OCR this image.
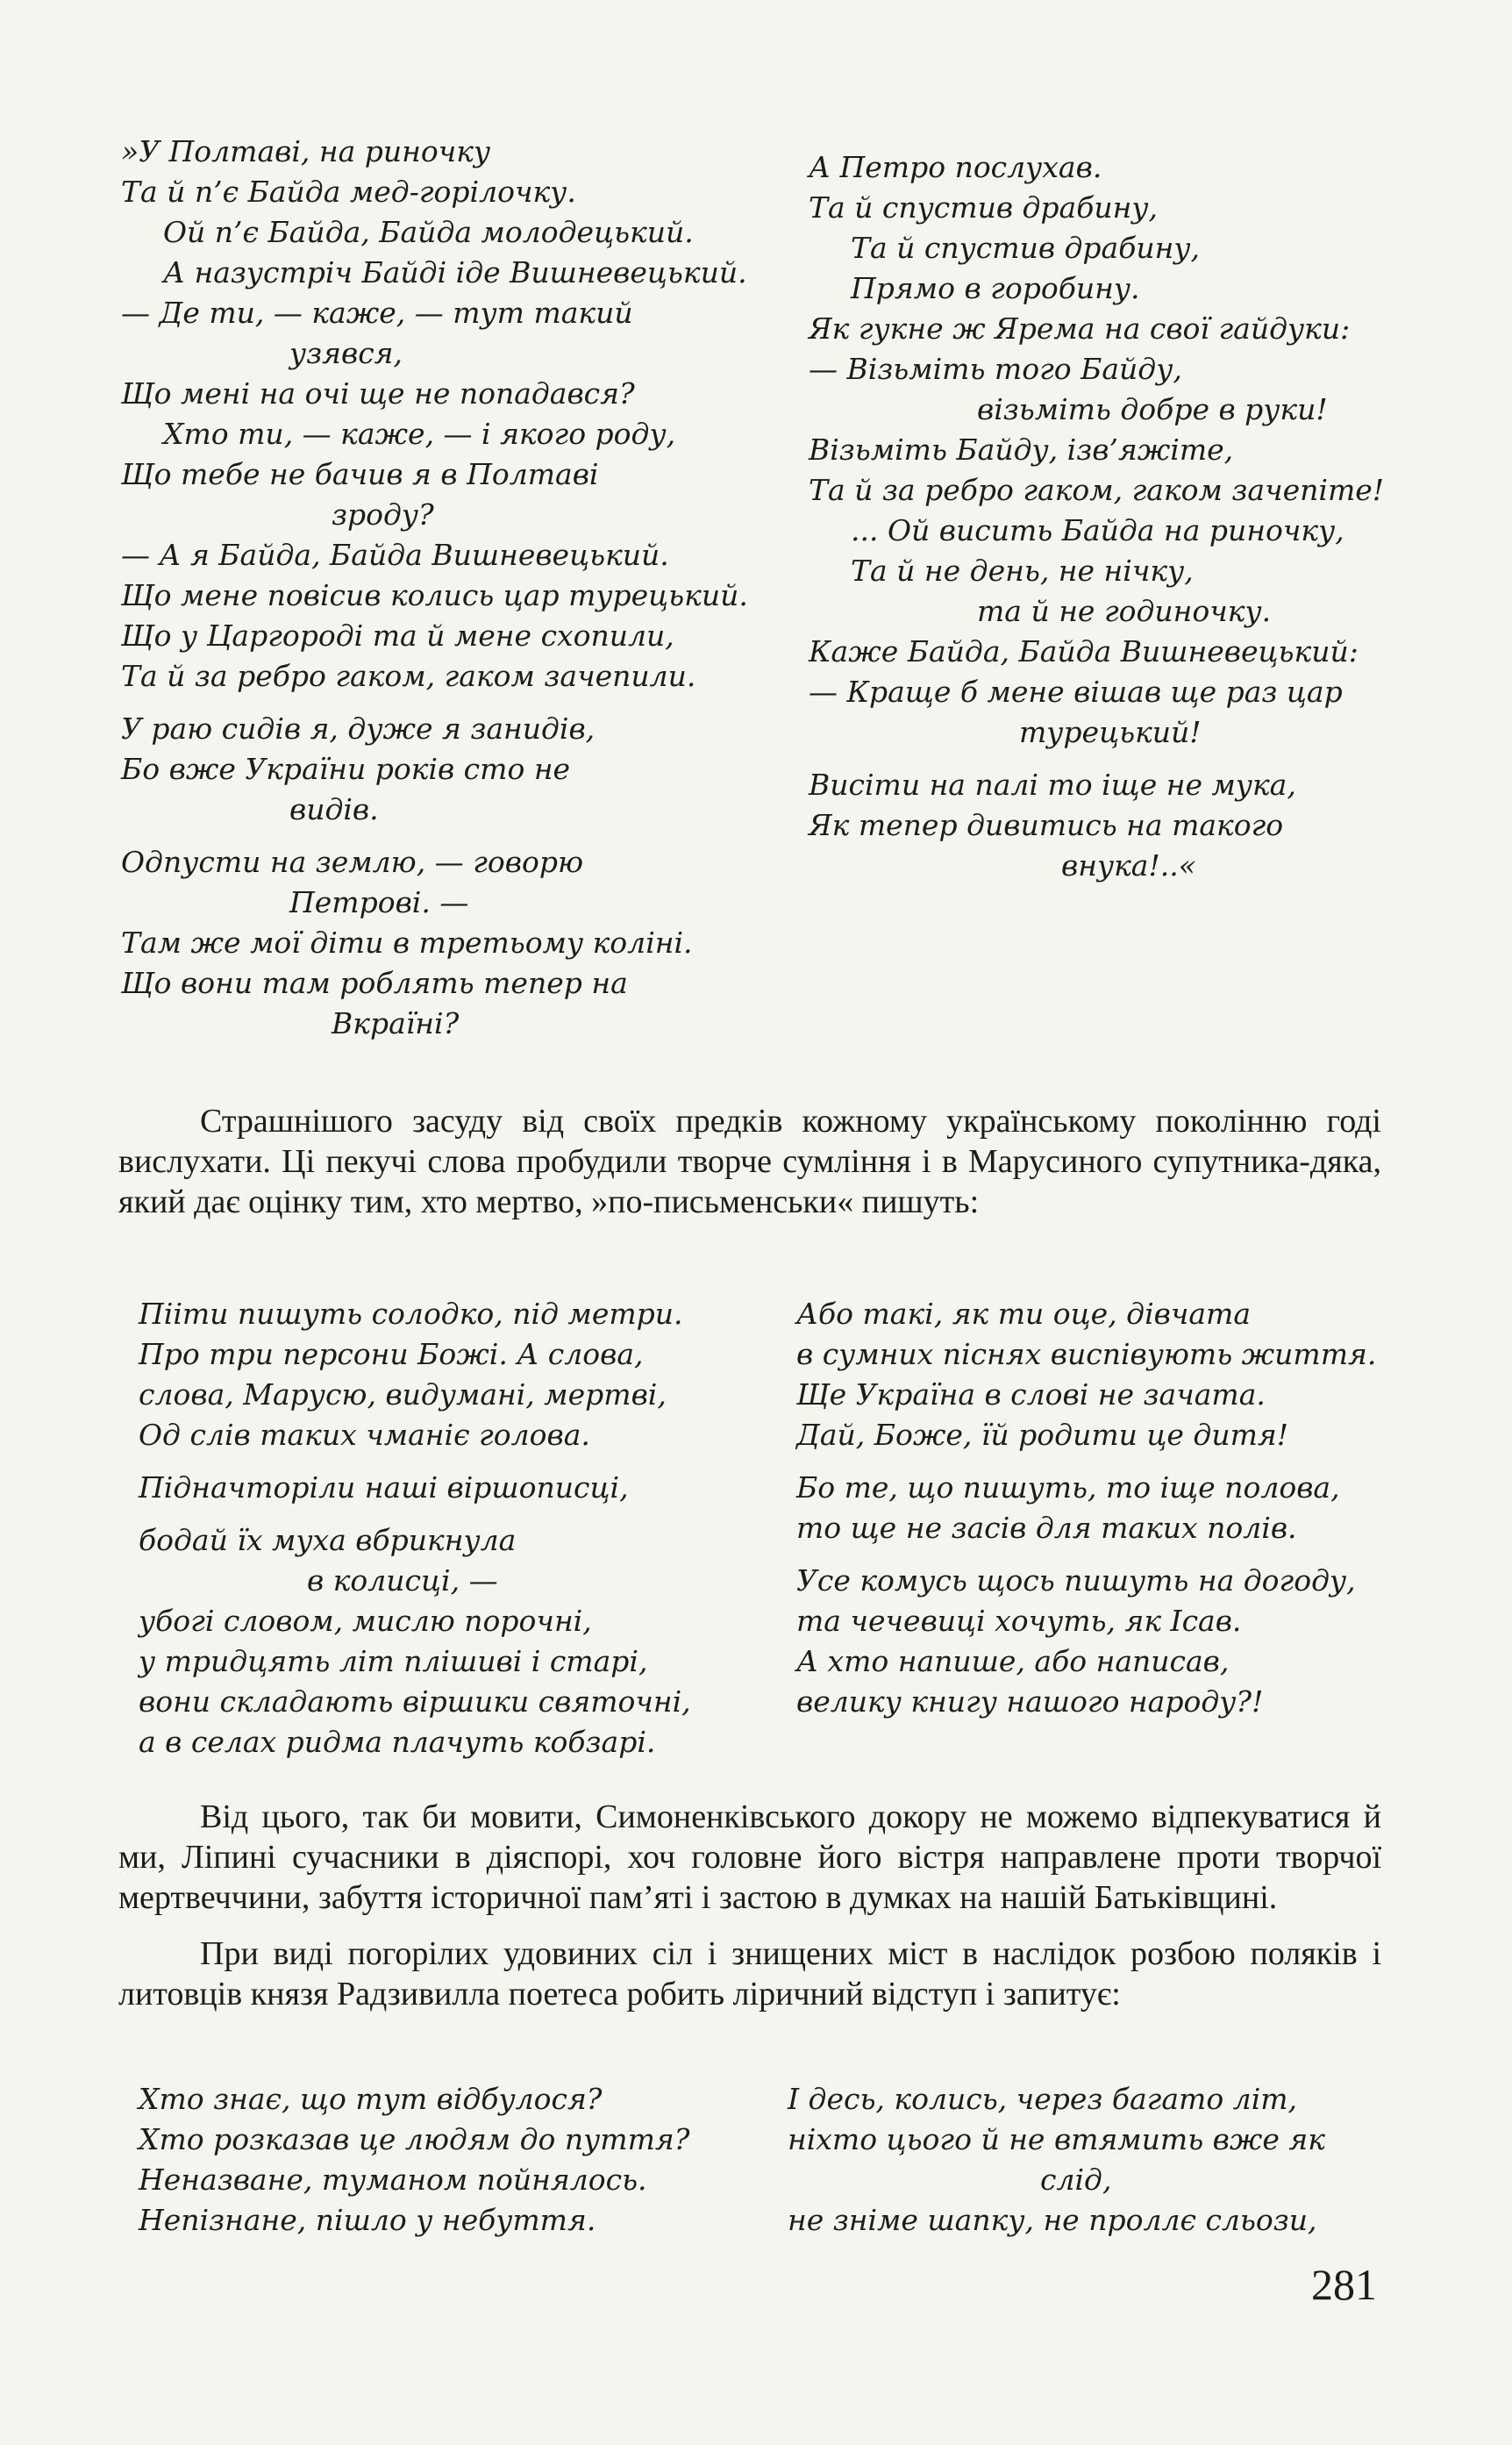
»У Полтаві, на риночку
Та й п’є Байда мед-горілочку.
Ой п’є Байда, Байда молодецький.
А назустріч Байді іде Вишневецький.
— Де ти, — каже, — тут такий
узявся,
Що мені на очі ще не попадався?
Хто ти, — каже, — і якого роду,
Що тебе не бачив я в Полтаві
зроду?
— А я Байда, Байда Вишневецький.
Що мене повісив колись цар турецький.
Що у Царгороді та й мене схопили,
Та й за ребро гаком, гаком зачепили.
У раю сидів я, дуже я занидів,
Бо вже України років сто не
видів.
Одпусти на землю, — говорю
Петрові. —
Там же мої діти в третьому коліні.
Що вони там роблять тепер на
Вкраїні?
А Петро послухав.
Та й спустив драбину,
Та й спустив драбину,
Прямо в горобину.
Як гукне ж Ярема на свої гайдуки:
— Візьміть того Байду,
візьміть добре в руки!
Візьміть Байду, ізв’яжіте,
Та й за ребро гаком, гаком зачепіте!
... Ой висить Байда на риночку,
Та й не день, не нічку,
та й не годиночку.
Каже Байда, Байда Вишневецький:
— Краще б мене вішав ще раз цар
турецький!
Висіти на палі то іще не мука,
Як тепер дивитись на такого
внука!..«

Страшнішого засуду від своїх предків кожному українському поколінню годі вислухати. Ці пекучі слова пробудили творче сумління і в Марусиного супутника-дяка, який дає оцінку тим, хто мертво, »по-письменськи« пишуть:

Пііти пишуть солодко, під метри.
Про три персони Божі. А слова,
слова, Марусю, видумані, мертві,
Од слів таких чманіє голова.
Підначторіли наші віршописці,
бодай їх муха вбрикнула
в колисці, —
убогі словом, мислю порочні,
у тридцять літ плішиві і старі,
вони складають віршики святочні,
а в селах ридма плачуть кобзарі.
Або такі, як ти оце, дівчата
в сумних піснях виспівують життя.
Ще Україна в слові не зачата.
Дай, Боже, їй родити це дитя!
Бо те, що пишуть, то іще полова,
то ще не засів для таких полів.
Усе комусь щось пишуть на догоду,
та чечевиці хочуть, як Ісав.
А хто напише, або написав,
велику книгу нашого народу?!

Від цього, так би мовити, Симоненківського докору не можемо відпекуватися й ми, Ліпині сучасники в діяспорі, хоч головне його вістря направлене проти творчої мертвеччини, забуття історичної пам’яті і застою в думках на нашій Батьківщині.

При виді погорілих удовиних сіл і знищених міст в наслідок розбою поляків і литовців князя Радзивилла поетеса робить ліричний відступ і запитує:

Хто знає, що тут відбулося?
Хто розказав це людям до пуття?
Неназване, туманом пойнялось.
Непізнане, пішло у небуття.
І десь, колись, через багато літ,
ніхто цього й не втямить вже як
слід,
не зніме шапку, не проллє сльози,
281
